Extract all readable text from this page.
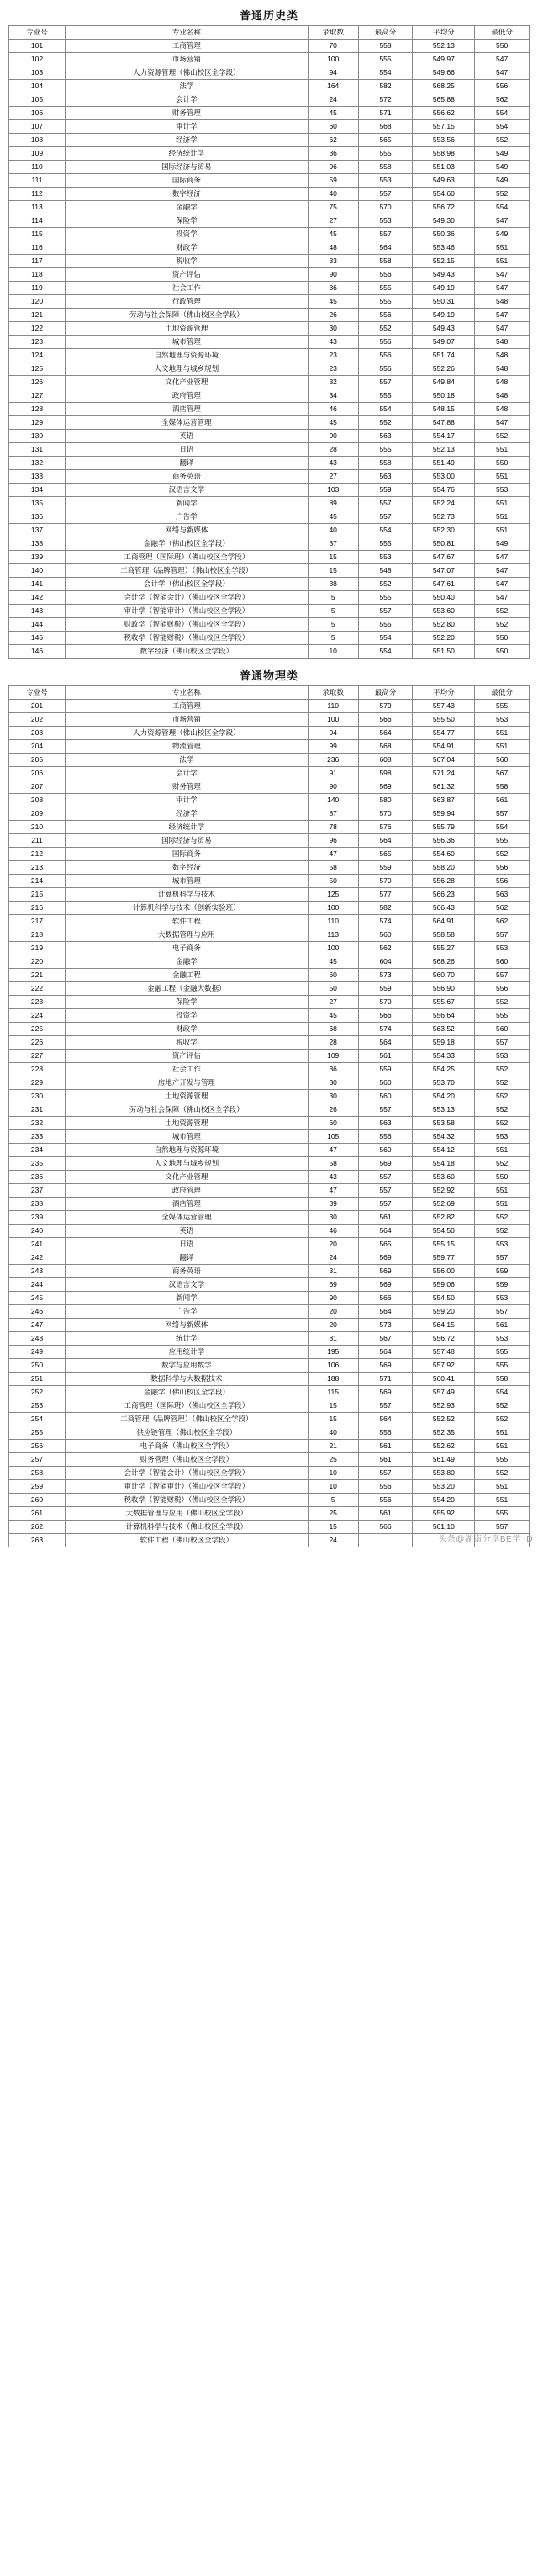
普通历史类
专业号	专业名称	录取数	最高分	平均分	最低分
101	工商管理	70	558	552.13	550
102	市场营销	100	555	549.97	547
103	人力资源管理（佛山校区全学段）	94	554	549.66	547
104	法学	164	582	568.25	556
105	会计学	24	572	565.88	562
106	财务管理	45	571	556.62	554
107	审计学	60	568	557.15	554
108	经济学	62	565	553.56	552
109	经济统计学	36	555	558.98	549
110	国际经济与贸易	96	558	551.03	549
111	国际商务	59	553	549.63	549
112	数字经济	40	557	554.60	552
113	金融学	75	570	556.72	554
114	保险学	27	553	549.30	547
115	投资学	45	557	550.36	549
116	财政学	48	564	553.46	551
117	税收学	33	558	552.15	551
118	资产评估	90	556	549.43	547
119	社会工作	36	555	549.19	547
120	行政管理	45	555	550.31	548
121	劳动与社会保障（佛山校区全学段）	26	556	549.19	547
122	土地资源管理	30	552	549.43	547
123	城市管理	43	556	549.07	548
124	自然地理与资源环境	23	556	551.74	548
125	人文地理与城乡规划	23	556	552.26	548
126	文化产业管理	32	557	549.84	548
127	政府管理	34	555	550.18	548
128	酒店管理	46	554	548.15	548
129	全媒体运营管理	45	552	547.88	547
130	英语	90	563	554.17	552
131	日语	28	555	552.13	551
132	翻译	43	558	551.49	550
133	商务英语	27	563	553.00	551
134	汉语言文学	103	559	554.76	553
135	新闻学	89	557	552.24	551
136	广告学	45	557	552.73	551
137	网络与新媒体	40	554	552.30	551
138	金融学（佛山校区全学段）	37	555	550.81	549
139	工商管理（国际班）（佛山校区全学段）	15	553	547.67	547
140	工商管理（品牌管理）（佛山校区全学段）	15	548	547.07	547
141	会计学（佛山校区全学段）	38	552	547.61	547
142	会计学（智能会计）（佛山校区全学段）	5	555	550.40	547
143	审计学（智能审计）（佛山校区全学段）	5	557	553.60	552
144	财政学（智能财税）（佛山校区全学段）	5	555	552.80	552
145	税收学（智能财税）（佛山校区全学段）	5	554	552.20	550
146	数字经济（佛山校区全学段）	10	554	551.50	550
普通物理类
专业号	专业名称	录取数	最高分	平均分	最低分
201	工商管理	110	579	557.43	555
202	市场营销	100	566	555.50	553
203	人力资源管理（佛山校区全学段）	94	564	554.77	551
204	物流管理	99	568	554.91	551
205	法学	236	608	567.04	560
206	会计学	91	598	571.24	567
207	财务管理	90	569	561.32	558
208	审计学	140	580	563.87	561
209	经济学	87	570	559.94	557
210	经济统计学	78	576	555.79	554
211	国际经济与贸易	96	564	556.36	555
212	国际商务	47	565	554.60	552
213	数字经济	58	559	558.20	556
214	城市管理	50	570	556.28	556
215	计算机科学与技术	125	577	566.23	563
216	计算机科学与技术（创新实验班）	100	582	566.43	562
217	软件工程	110	574	564.91	562
218	大数据管理与应用	113	560	558.58	557
219	电子商务	100	562	555.27	553
220	金融学	45	604	568.26	560
221	金融工程	60	573	560.70	557
222	金融工程（金融大数据）	50	559	556.90	556
223	保险学	27	570	555.67	552
224	投资学	45	566	556.64	555
225	财政学	68	574	563.52	560
226	税收学	28	564	559.18	557
227	资产评估	109	561	554.33	553
228	社会工作	36	559	554.25	552
229	房地产开发与管理	30	560	553.70	552
230	土地资源管理	30	560	554.20	552
231	劳动与社会保障（佛山校区全学段）	26	557	553.13	552
232	土地资源管理	60	563	553.58	552
233	城市管理	105	556	554.32	553
234	自然地理与资源环境	47	560	554.12	551
235	人文地理与城乡规划	58	569	554.18	552
236	文化产业管理	43	557	553.60	550
237	政府管理	47	557	552.92	551
238	酒店管理	39	557	552.69	551
239	全媒体运营管理	30	561	552.82	552
240	英语	46	564	554.50	552
241	日语	20	565	555.15	553
242	翻译	24	569	559.77	557
243	商务英语	31	569	556.00	559
244	汉语言文学	69	569	559.06	559
245	新闻学	90	566	554.50	553
246	广告学	20	564	559.20	557
247	网络与新媒体	20	573	564.15	561
248	统计学	81	567	556.72	553
249	应用统计学	195	564	557.48	555
250	数学与应用数学	106	569	557.92	555
251	数据科学与大数据技术	188	571	560.41	558
252	金融学（佛山校区全学段）	115	569	557.49	554
253	工商管理（国际班）（佛山校区全学段）	15	557	552.93	552
254	工商管理（品牌管理）（佛山校区全学段）	15	564	552.52	552
255	供应链管理（佛山校区全学段）	40	556	552.35	551
256	电子商务（佛山校区全学段）	21	561	552.62	551
257	财务管理（佛山校区全学段）	25	561	561.49	555
258	会计学（智能会计）（佛山校区全学段）	10	557	553.80	552
259	审计学（智能审计）（佛山校区全学段）	10	556	553.20	551
260	税收学（智能财税）（佛山校区全学段）	5	556	554.20	551
261	大数据管理与应用（佛山校区全学段）	25	561	555.92	555
262	计算机科学与技术（佛山校区全学段）	15	566	561.10	557
263	软件工程（佛山校区全学段）	24				头条@湖南分享BE学 ID
